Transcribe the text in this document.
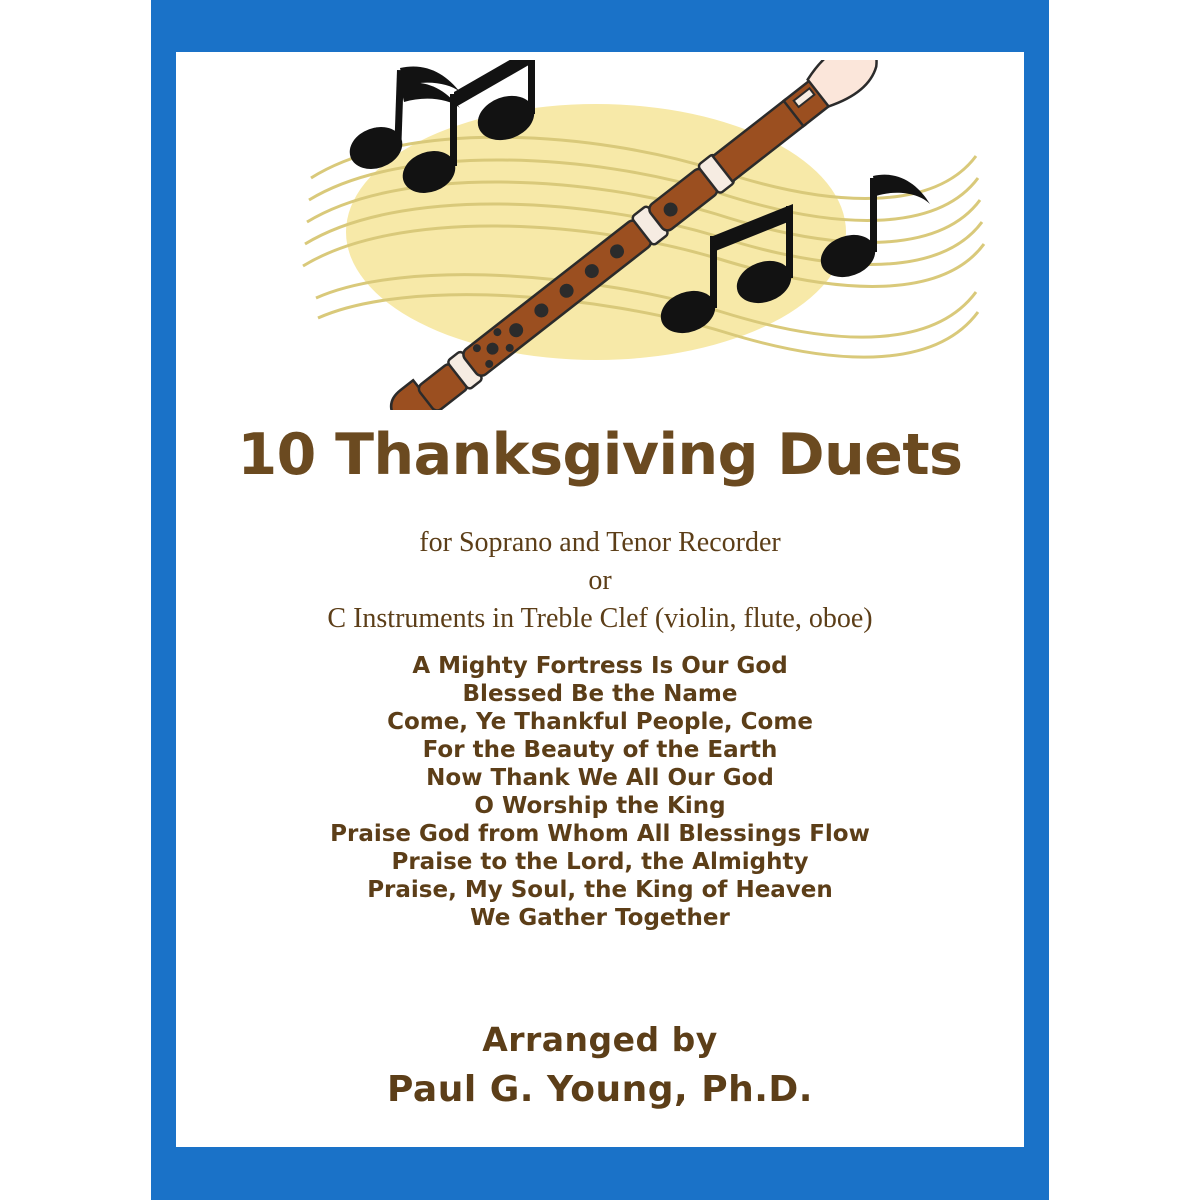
10 Thanksgiving Duets
for Soprano and Tenor Recorder
or
C Instruments in Treble Clef (violin, flute, oboe)
A Mighty Fortress Is Our God
Blessed Be the Name
Come, Ye Thankful People, Come
For the Beauty of the Earth
Now Thank We All Our God
O Worship the King
Praise God from Whom All Blessings Flow
Praise to the Lord, the Almighty
Praise, My Soul, the King of Heaven
We Gather Together
Arranged by
Paul G. Young, Ph.D.
